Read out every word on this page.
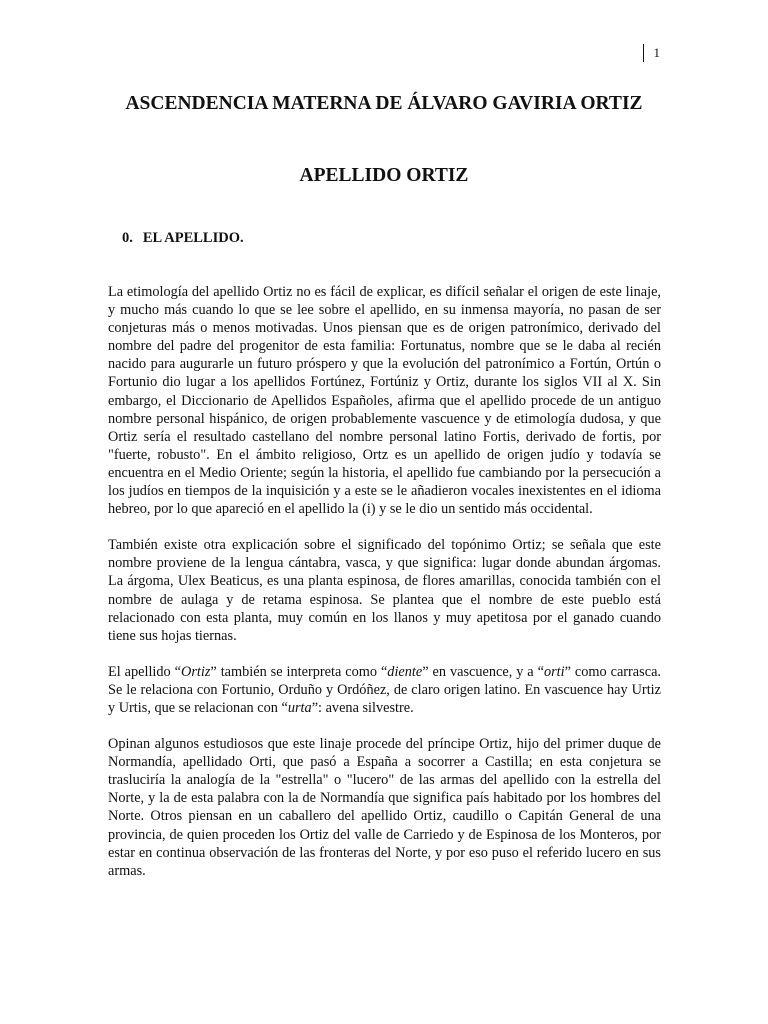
1
ASCENDENCIA MATERNA DE ÁLVARO GAVIRIA ORTIZ
APELLIDO ORTIZ
0. EL APELLIDO.

La etimología del apellido Ortiz no es fácil de explicar, es difícil señalar el origen de este linaje, y mucho más cuando lo que se lee sobre el apellido, en su inmensa mayoría, no pasan de ser conjeturas más o menos motivadas. Unos piensan que es de origen patronímico, derivado del nombre del padre del progenitor de esta familia: Fortunatus, nombre que se le daba al recién nacido para augurarle un futuro próspero y que la evolución del patronímico a Fortún, Ortún o Fortunio dio lugar a los apellidos Fortúnez, Fortúniz y Ortiz, durante los siglos VII al X. Sin embargo, el Diccionario de Apellidos Españoles, afirma que el apellido procede de un antiguo nombre personal hispánico, de origen probablemente vascuence y de etimología dudosa, y que Ortiz sería el resultado castellano del nombre personal latino Fortis, derivado de fortis, por "fuerte, robusto". En el ámbito religioso, Ortz es un apellido de origen judío y todavía se encuentra en el Medio Oriente; según la historia, el apellido fue cambiando por la persecución a los judíos en tiempos de la inquisición y a este se le añadieron vocales inexistentes en el idioma hebreo, por lo que apareció en el apellido la (i) y se le dio un sentido más occidental.

También existe otra explicación sobre el significado del topónimo Ortiz; se señala que este nombre proviene de la lengua cántabra, vasca, y que significa: lugar donde abundan árgomas. La árgoma, Ulex Beaticus, es una planta espinosa, de flores amarillas, conocida también con el nombre de aulaga y de retama espinosa. Se plantea que el nombre de este pueblo está relacionado con esta planta, muy común en los llanos y muy apetitosa por el ganado cuando tiene sus hojas tiernas.

El apellido “Ortiz” también se interpreta como “diente” en vascuence, y a “orti” como carrasca. Se le relaciona con Fortunio, Orduño y Ordóñez, de claro origen latino. En vascuence hay Urtiz y Urtis, que se relacionan con “urta”: avena silvestre.

Opinan algunos estudiosos que este linaje procede del príncipe Ortiz, hijo del primer duque de Normandía, apellidado Orti, que pasó a España a socorrer a Castilla; en esta conjetura se trasluciría la analogía de la "estrella" o "lucero" de las armas del apellido con la estrella del Norte, y la de esta palabra con la de Normandía que significa país habitado por los hombres del Norte. Otros piensan en un caballero del apellido Ortiz, caudillo o Capitán General de una provincia, de quien proceden los Ortiz del valle de Carriedo y de Espinosa de los Monteros, por estar en continua observación de las fronteras del Norte, y por eso puso el referido lucero en sus armas.
